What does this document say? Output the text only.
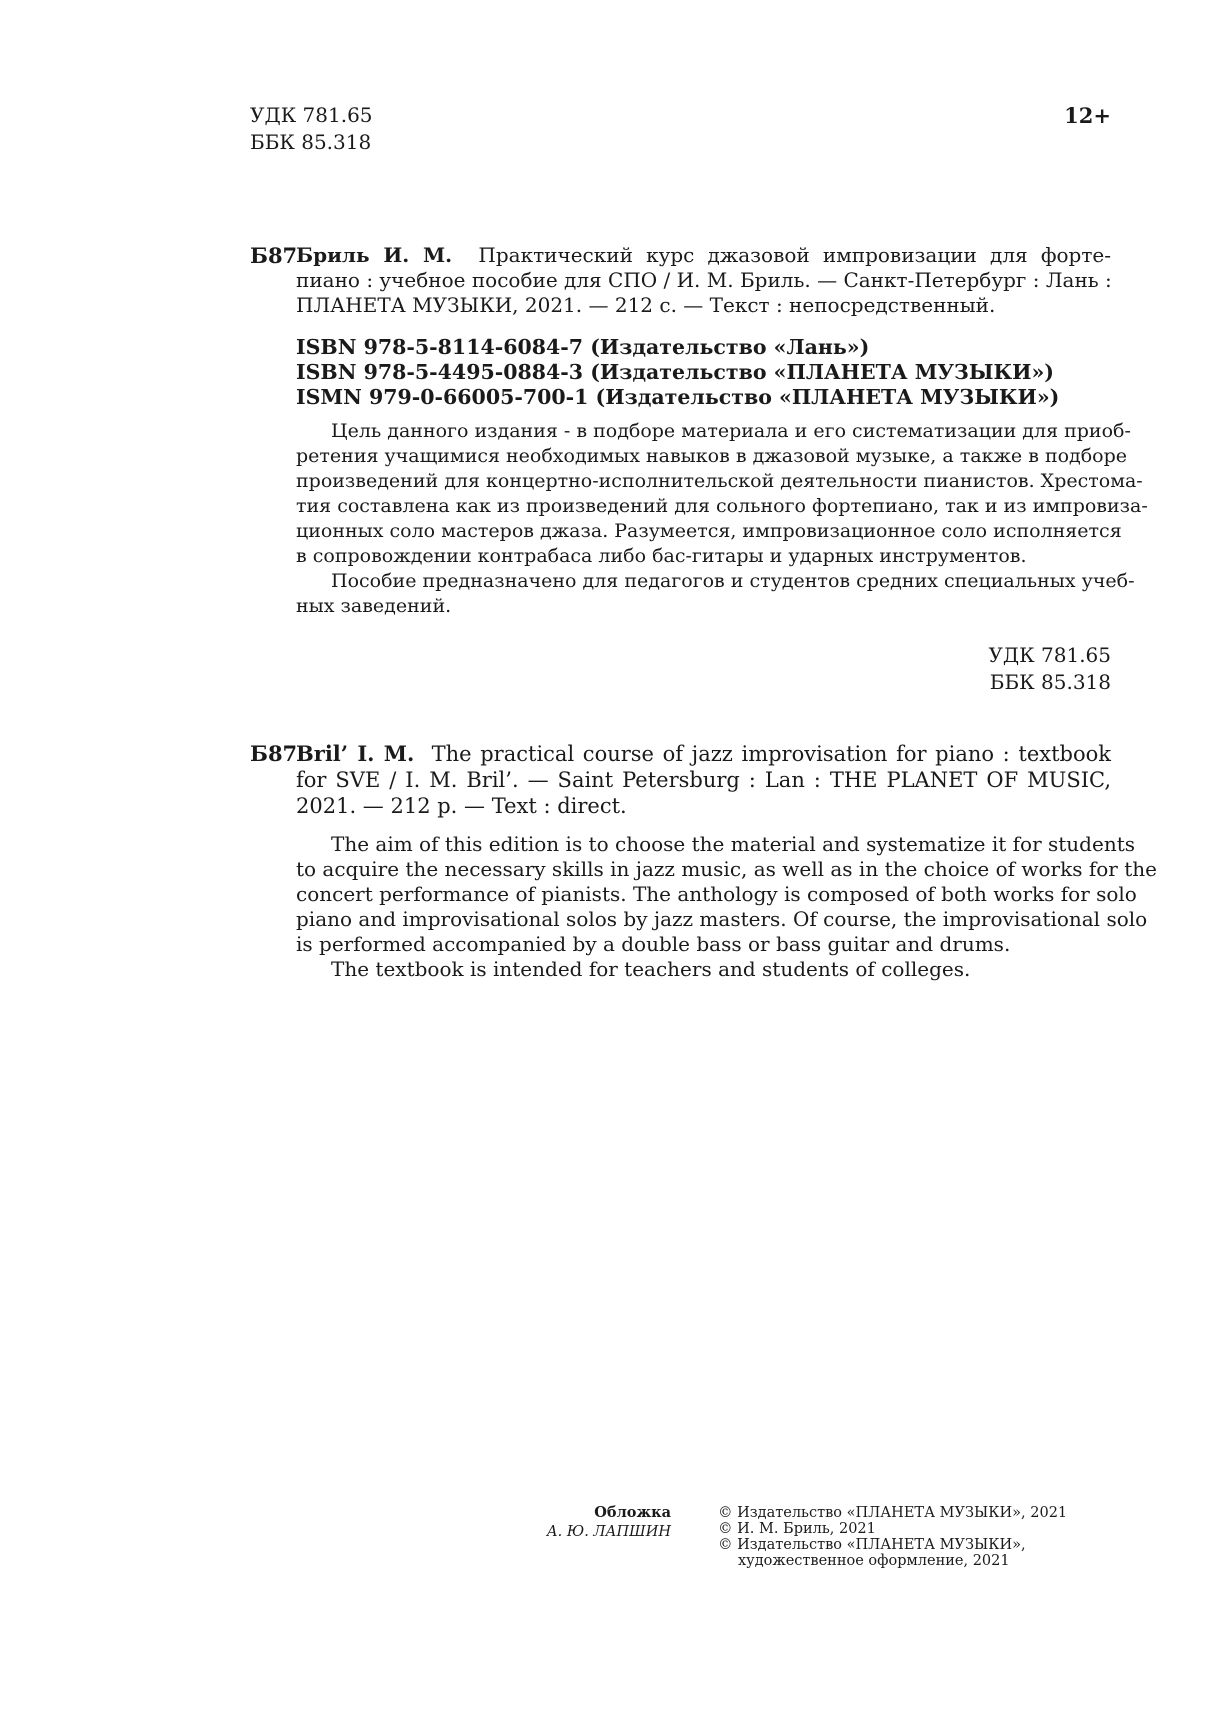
УДК 781.65
ББК 85.318
12+
Б87
Бриль И. М. Практический курс джазовой импровизации для форте-
пиано : учебное пособие для СПО / И. М. Бриль. — Санкт-Петербург : Лань :
ПЛАНЕТА МУЗЫКИ, 2021. — 212 с. — Текст : непосредственный.
ISBN 978-5-8114-6084-7 (Издательство «Лань»)
ISBN 978-5-4495-0884-3 (Издательство «ПЛАНЕТА МУЗЫКИ»)
ISMN 979-0-66005-700-1 (Издательство «ПЛАНЕТА МУЗЫКИ»)
Цель данного издания - в подборе материала и его систематизации для приоб-
ретения учащимися необходимых навыков в джазовой музыке, а также в подборе
произведений для концертно-исполнительской деятельности пианистов. Хрестома-
тия составлена как из произведений для сольного фортепиано, так и из импровиза-
ционных соло мастеров джаза. Разумеется, импровизационное соло исполняется
в сопровождении контрабаса либо бас-гитары и ударных инструментов.
Пособие предназначено для педагогов и студентов средних специальных учеб-
ных заведений.
УДК 781.65
ББК 85.318
Б87
Bril’ I. M. The practical course of jazz improvisation for piano : textbook
for SVE / I. M. Bril’. — Saint Petersburg : Lan : THE PLANET OF MUSIC,
2021. — 212 p. — Text : direct.
The aim of this edition is to choose the material and systematize it for students
to acquire the necessary skills in jazz music, as well as in the choice of works for the
concert performance of pianists. The anthology is composed of both works for solo
piano and improvisational solos by jazz masters. Of course, the improvisational solo
is performed accompanied by a double bass or bass guitar and drums.
The textbook is intended for teachers and students of colleges.
Обложка
А. Ю. ЛАПШИН
© Издательство «ПЛАНЕТА МУЗЫКИ», 2021
© И. М. Бриль, 2021
© Издательство «ПЛАНЕТА МУЗЫКИ»,
художественное оформление, 2021
